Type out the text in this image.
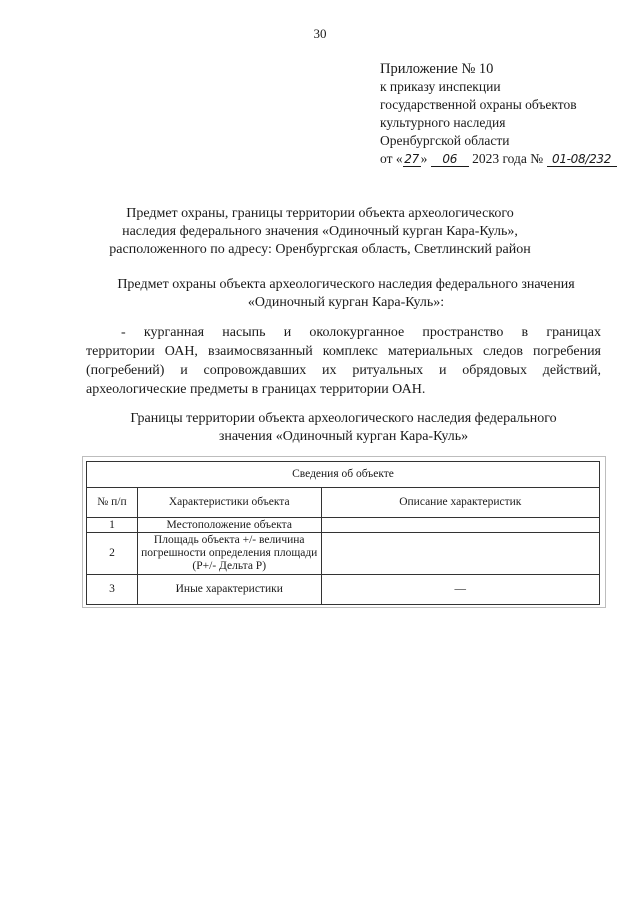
30
Приложение № 10
к приказу инспекции
государственной охраны объектов
культурного наследия
Оренбургской области
от « 27 » 06 2023 года № 01-08/232
Предмет охраны, границы территории объекта археологического
наследия федерального значения «Одиночный курган Кара-Куль»,
расположенного по адресу: Оренбургская область, Светлинский район
Предмет охраны объекта археологического наследия федерального значения
«Одиночный курган Кара-Куль»:
- курганная насыпь и околокурганное пространство в границах
территории ОАН, взаимосвязанный комплекс материальных следов погребения (погребений) и сопровождавших их ритуальных и обрядовых действий, археологические предметы в границах территории ОАН.
Границы территории объекта археологического наследия федерального
значения «Одиночный курган Кара-Куль»
Сведения об объекте		
№ п/п	Характеристики объекта	Описание характеристик
1	Местоположение объекта	
2	Площадь объекта +/- величина погрешности определения площади (P+/- Дельта P)	
3	Иные характеристики	—
